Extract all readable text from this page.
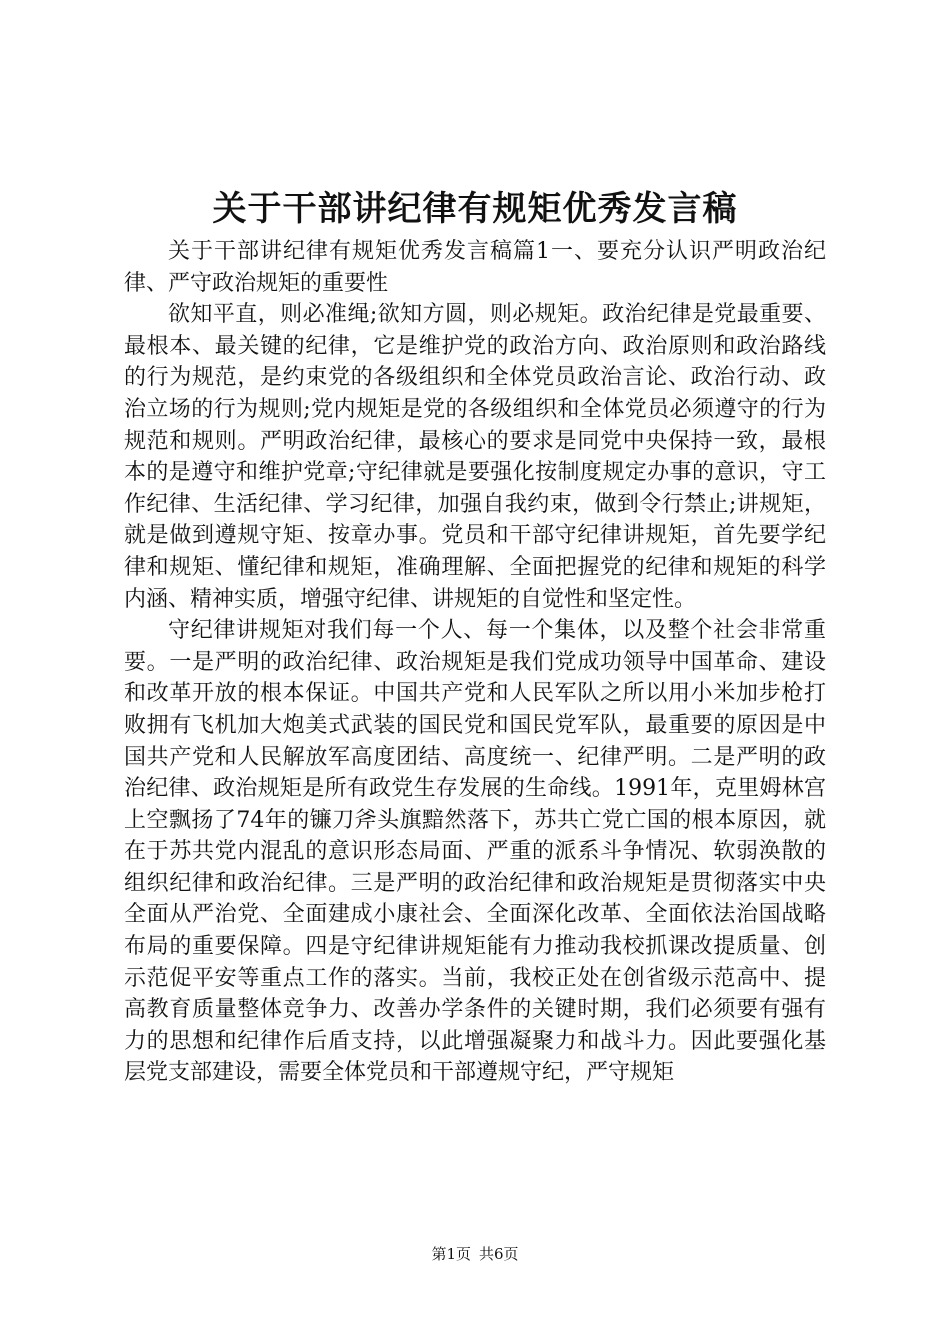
关于干部讲纪律有规矩优秀发言稿

关于干部讲纪律有规矩优秀发言稿篇1一、要充分认识严明政治纪律、严守政治规矩的重要性

欲知平直，则必准绳;欲知方圆，则必规矩。政治纪律是党最重要、最根本、最关键的纪律，它是维护党的政治方向、政治原则和政治路线的行为规范，是约束党的各级组织和全体党员政治言论、政治行动、政治立场的行为规则;党内规矩是党的各级组织和全体党员必须遵守的行为规范和规则。严明政治纪律，最核心的要求是同党中央保持一致，最根本的是遵守和维护党章;守纪律就是要强化按制度规定办事的意识，守工作纪律、生活纪律、学习纪律，加强自我约束，做到令行禁止;讲规矩，就是做到遵规守矩、按章办事。党员和干部守纪律讲规矩，首先要学纪律和规矩、懂纪律和规矩，准确理解、全面把握党的纪律和规矩的科学内涵、精神实质，增强守纪律、讲规矩的自觉性和坚定性。

守纪律讲规矩对我们每一个人、每一个集体，以及整个社会非常重要。一是严明的政治纪律、政治规矩是我们党成功领导中国革命、建设和改革开放的根本保证。中国共产党和人民军队之所以用小米加步枪打败拥有飞机加大炮美式武装的国民党和国民党军队，最重要的原因是中国共产党和人民解放军高度团结、高度统一、纪律严明。二是严明的政治纪律、政治规矩是所有政党生存发展的生命线。1991年，克里姆林宫上空飘扬了74年的镰刀斧头旗黯然落下，苏共亡党亡国的根本原因，就在于苏共党内混乱的意识形态局面、严重的派系斗争情况、软弱涣散的组织纪律和政治纪律。三是严明的政治纪律和政治规矩是贯彻落实中央全面从严治党、全面建成小康社会、全面深化改革、全面依法治国战略布局的重要保障。四是守纪律讲规矩能有力推动我校抓课改提质量、创示范促平安等重点工作的落实。当前，我校正处在创省级示范高中、提高教育质量整体竞争力、改善办学条件的关键时期，我们必须要有强有力的思想和纪律作后盾支持，以此增强凝聚力和战斗力。因此要强化基层党支部建设，需要全体党员和干部遵规守纪，严守规矩

第1页 共6页
